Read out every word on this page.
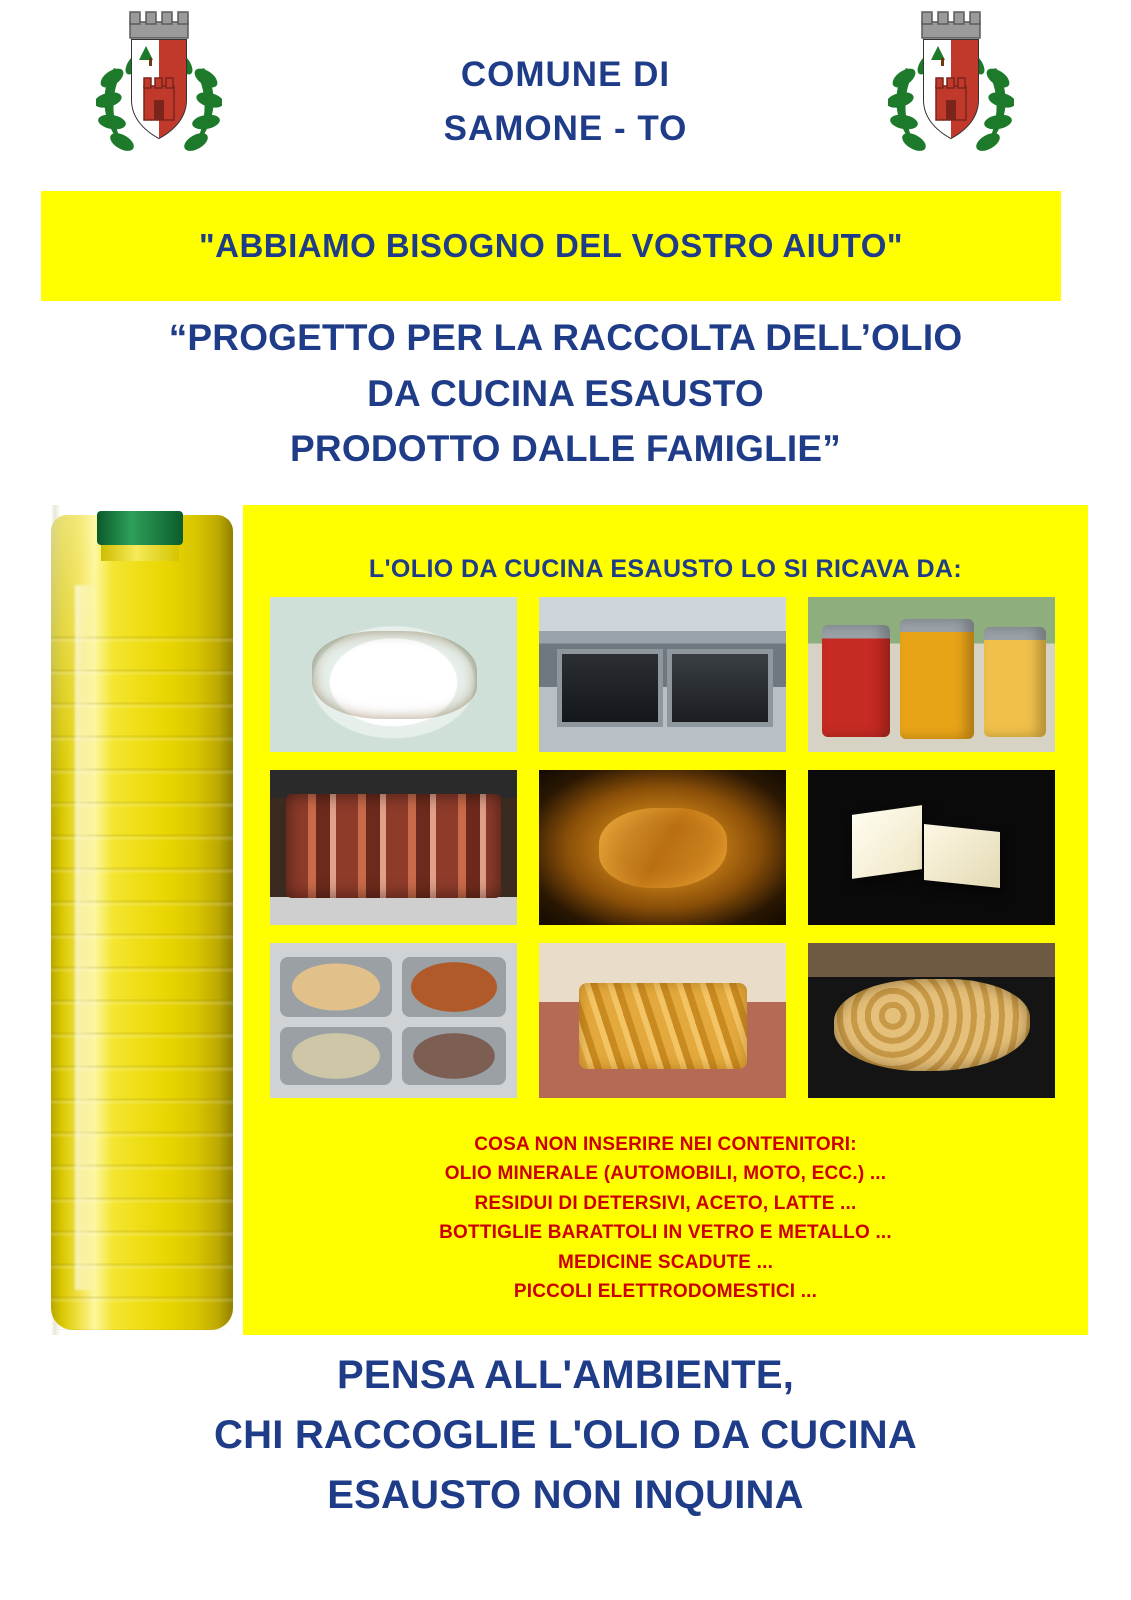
COMUNE DI
SAMONE - TO
"ABBIAMO BISOGNO DEL VOSTRO AIUTO"
“PROGETTO PER LA RACCOLTA DELL’OLIO
DA CUCINA ESAUSTO
PRODOTTO DALLE FAMIGLIE”
L'OLIO DA CUCINA ESAUSTO LO SI RICAVA DA:
COSA NON INSERIRE NEI CONTENITORI:
OLIO MINERALE (AUTOMOBILI, MOTO, ECC.) ...
RESIDUI DI DETERSIVI, ACETO, LATTE ...
BOTTIGLIE BARATTOLI IN VETRO E METALLO ...
MEDICINE SCADUTE ...
PICCOLI ELETTRODOMESTICI ...
PENSA ALL'AMBIENTE,
CHI RACCOGLIE L'OLIO DA CUCINA
ESAUSTO NON INQUINA
